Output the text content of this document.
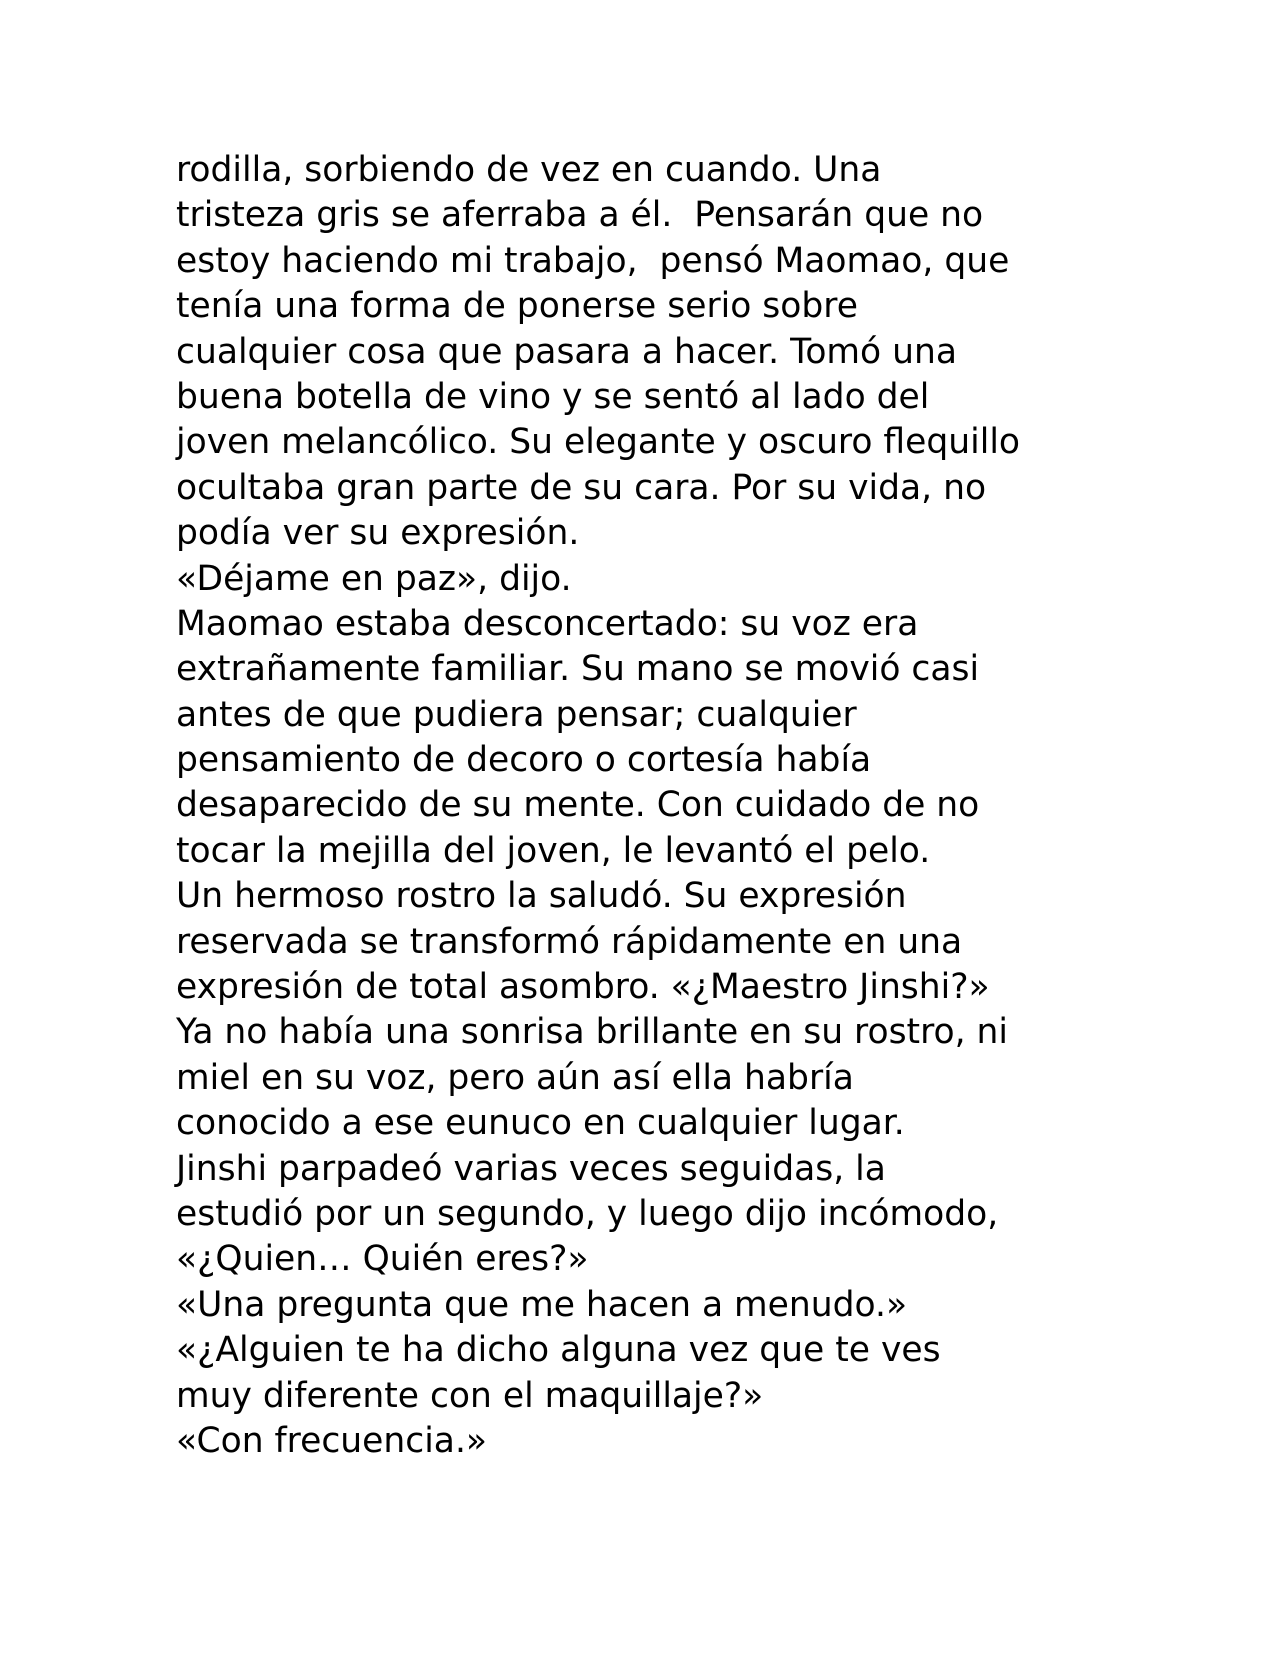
rodilla, sorbiendo de vez en cuando. Una
tristeza gris se aferraba a él.  Pensarán que no
estoy haciendo mi trabajo,  pensó Maomao, que
tenía una forma de ponerse serio sobre
cualquier cosa que pasara a hacer. Tomó una
buena botella de vino y se sentó al lado del
joven melancólico. Su elegante y oscuro flequillo
ocultaba gran parte de su cara. Por su vida, no
podía ver su expresión.
«Déjame en paz», dijo.
Maomao estaba desconcertado: su voz era
extrañamente familiar. Su mano se movió casi
antes de que pudiera pensar; cualquier
pensamiento de decoro o cortesía había
desaparecido de su mente. Con cuidado de no
tocar la mejilla del joven, le levantó el pelo.
Un hermoso rostro la saludó. Su expresión
reservada se transformó rápidamente en una
expresión de total asombro. «¿Maestro Jinshi?»
Ya no había una sonrisa brillante en su rostro, ni
miel en su voz, pero aún así ella habría
conocido a ese eunuco en cualquier lugar.
Jinshi parpadeó varias veces seguidas, la
estudió por un segundo, y luego dijo incómodo,
«¿Quien… Quién eres?»
«Una pregunta que me hacen a menudo.»
«¿Alguien te ha dicho alguna vez que te ves
muy diferente con el maquillaje?»
«Con frecuencia.»
